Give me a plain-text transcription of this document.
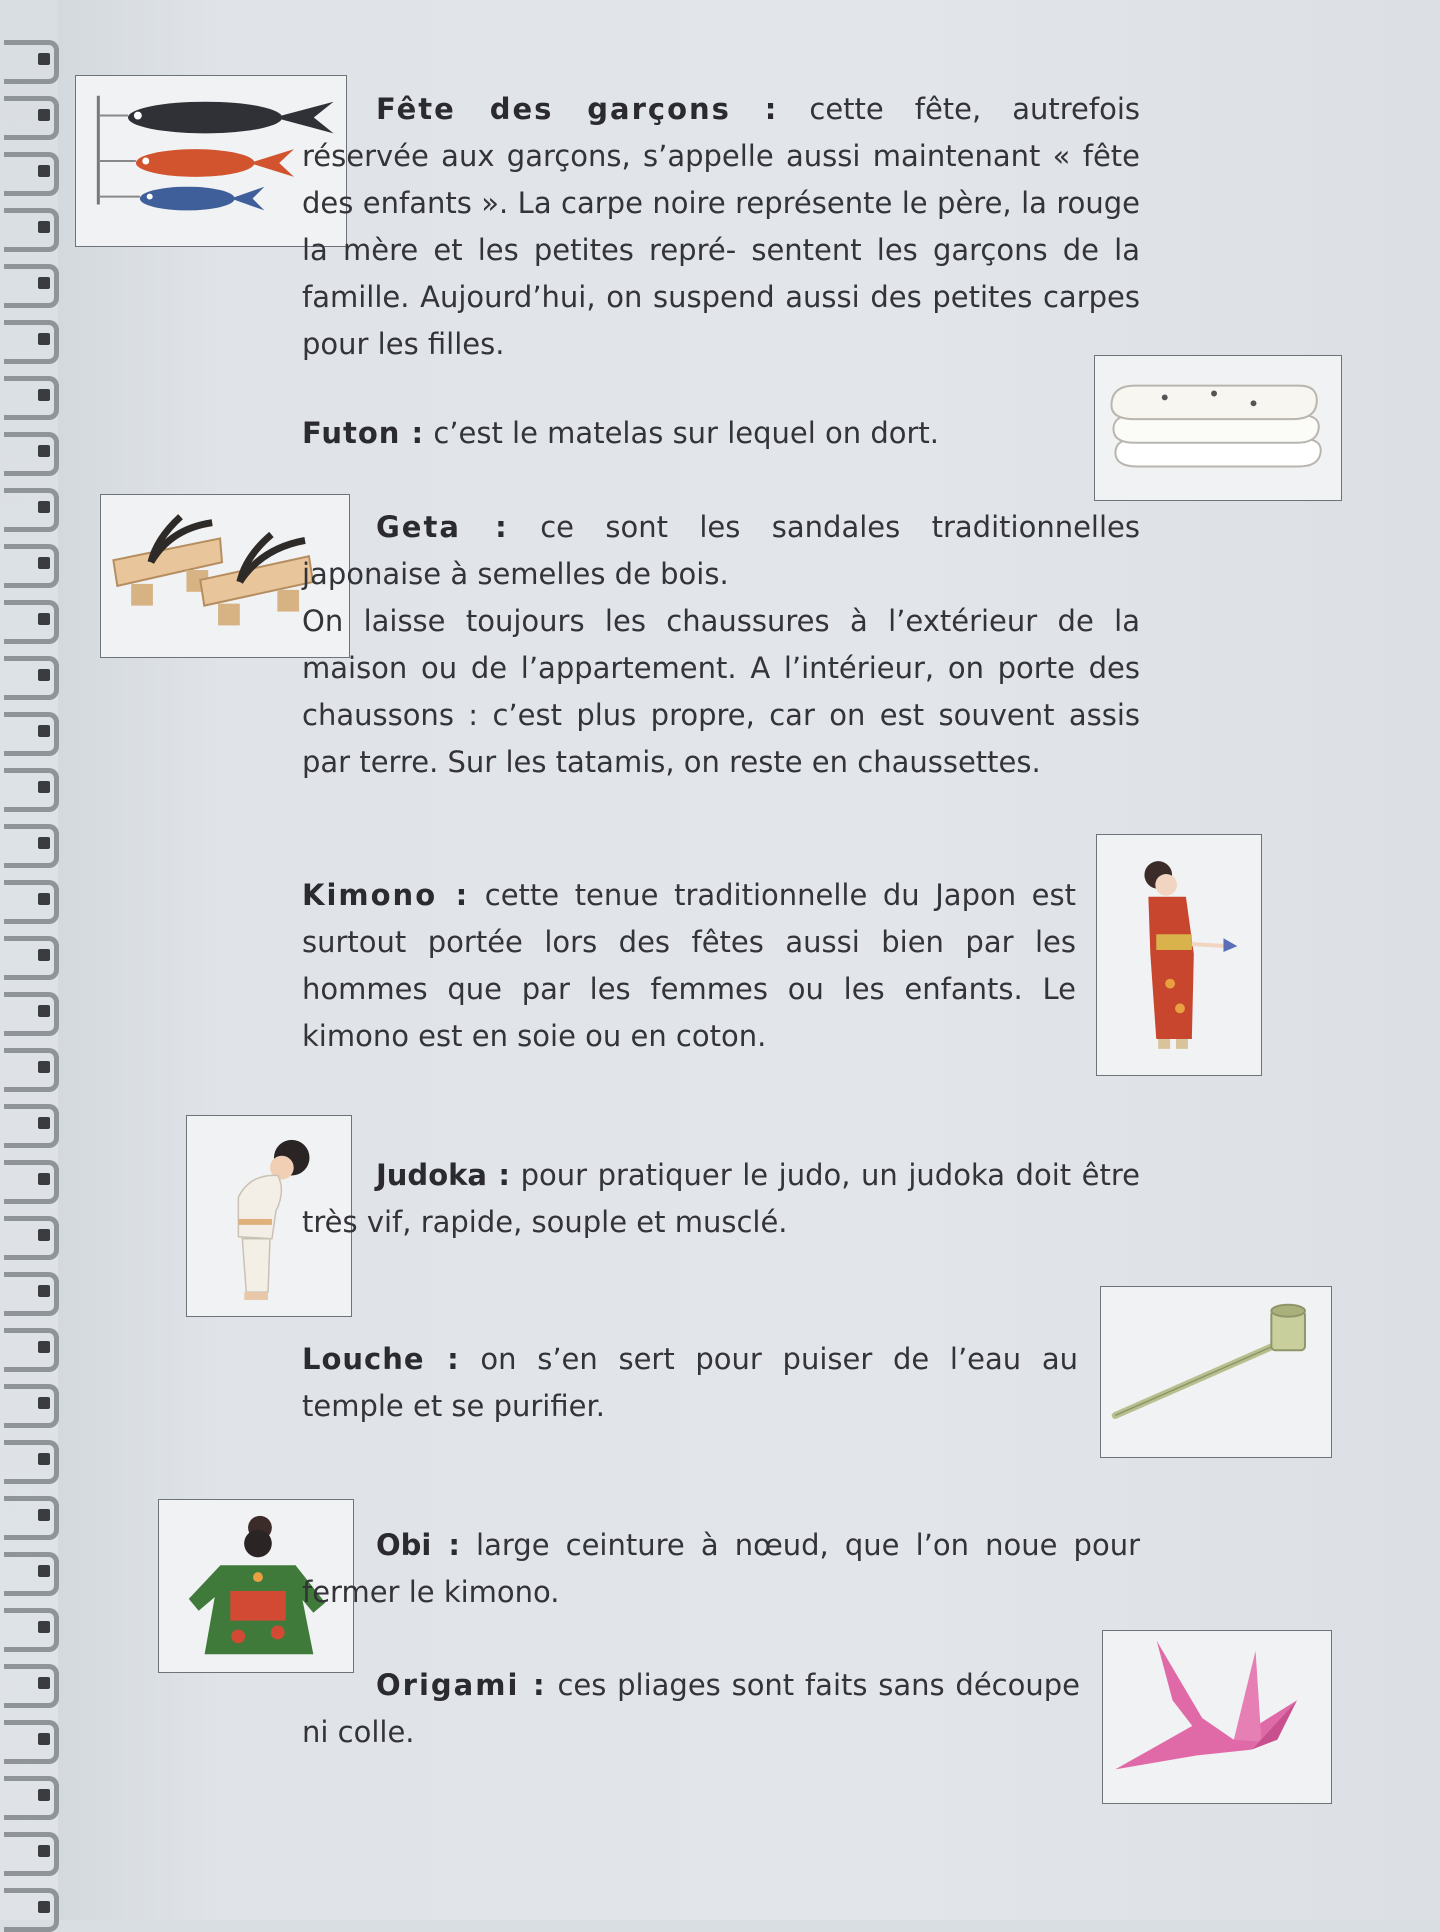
Fête des garçons : cette fête, autrefois réservée aux garçons, s’appelle aussi maintenant « fête des enfants ». La carpe noire représente le père, la rouge la mère et les petites repré- sentent les garçons de la famille. Aujourd’hui, on suspend aussi des petites carpes pour les filles.

Futon : c’est le matelas sur lequel on dort.

Geta : ce sont les sandales traditionnelles japonaise à semelles de bois.
On laisse toujours les chaussures à l’extérieur de la maison ou de l’appartement. A l’intérieur, on porte des chaussons : c’est plus propre, car on est souvent assis par terre. Sur les tatamis, on reste en chaussettes.

Kimono : cette tenue traditionnelle du Japon est surtout portée lors des fêtes aussi bien par les hommes que par les femmes ou les enfants. Le kimono est en soie ou en coton.

Judoka : pour pratiquer le judo, un judoka doit être très vif, rapide, souple et musclé.

Louche : on s’en sert pour puiser de l’eau au temple et se purifier.

Obi : large ceinture à nœud, que l’on noue pour fermer le kimono.

Origami : ces pliages sont faits sans découpe ni colle.
